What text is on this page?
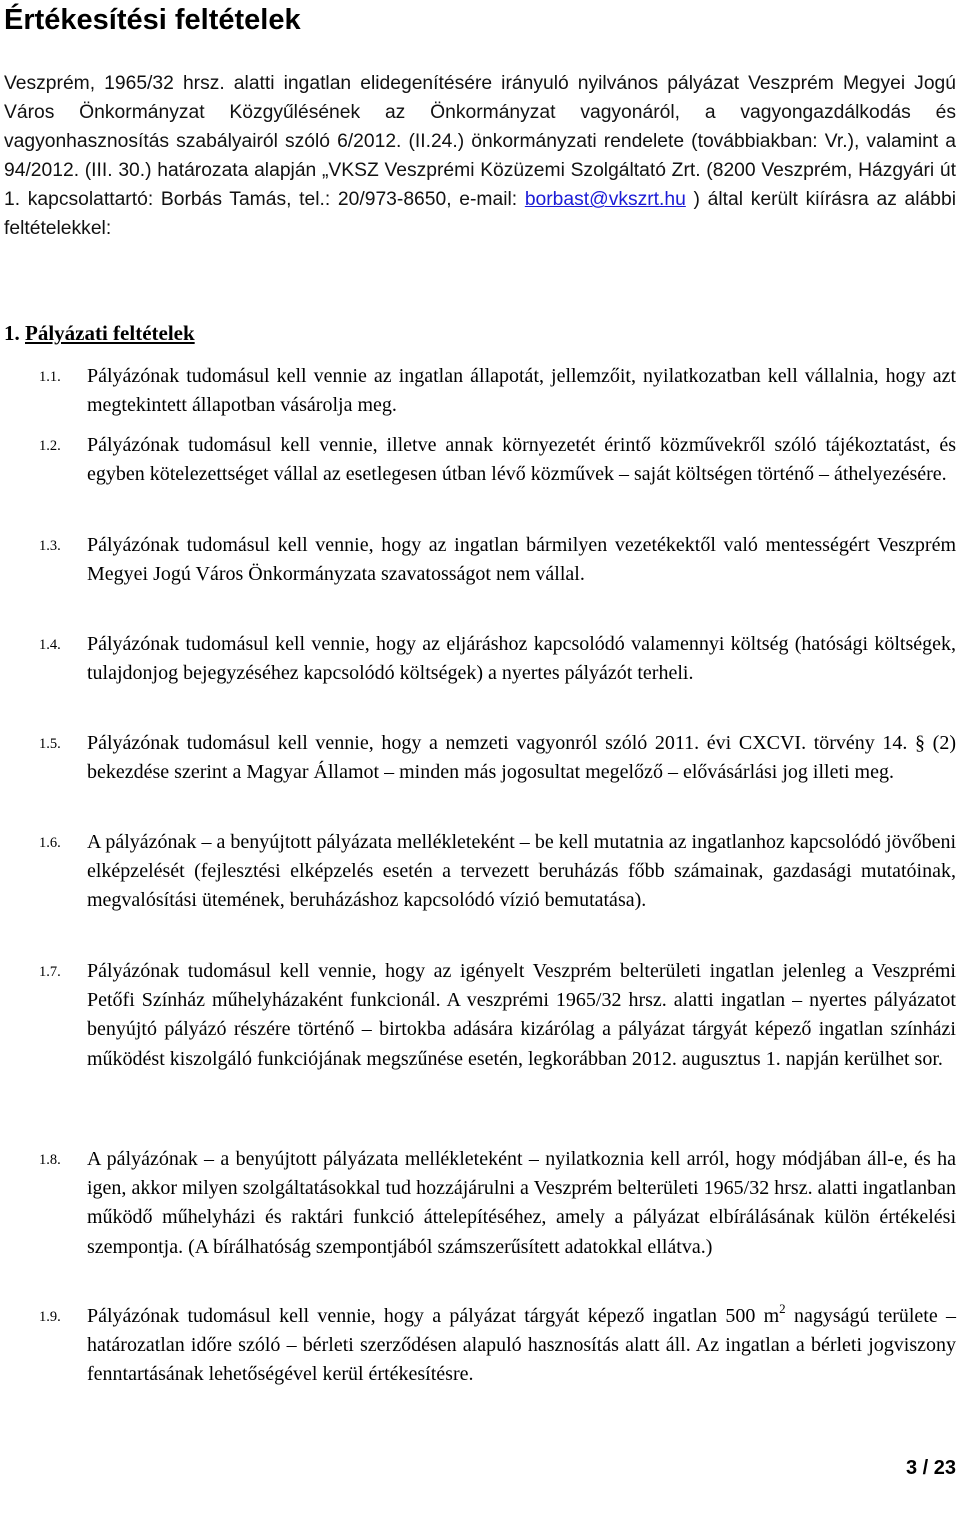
Értékesítési feltételek

Veszprém, 1965/32 hrsz. alatti ingatlan elidegenítésére irányuló nyilvános pályázat Veszprém Megyei Jogú Város Önkormányzat Közgyűlésének az Önkormányzat vagyonáról, a vagyongazdálkodás és vagyonhasznosítás szabályairól szóló 6/2012. (II.24.) önkormányzati rendelete (továbbiakban: Vr.), valamint a 94/2012. (III. 30.) határozata alapján „VKSZ Veszprémi Közüzemi Szolgáltató Zrt. (8200 Veszprém, Házgyári út 1. kapcsolattartó: Borbás Tamás, tel.: 20/973-8650, e-mail: borbast@vkszrt.hu ) által került kiírásra az alábbi feltételekkel:

1. Pályázati feltételek
1.1. Pályázónak tudomásul kell vennie az ingatlan állapotát, jellemzőit, nyilatkozatban kell vállalnia, hogy azt megtekintett állapotban vásárolja meg.
1.2. Pályázónak tudomásul kell vennie, illetve annak környezetét érintő közművekről szóló tájékoztatást, és egyben kötelezettséget vállal az esetlegesen útban lévő közművek – saját költségen történő – áthelyezésére.
1.3. Pályázónak tudomásul kell vennie, hogy az ingatlan bármilyen vezetékektől való mentességért Veszprém Megyei Jogú Város Önkormányzata szavatosságot nem vállal.
1.4. Pályázónak tudomásul kell vennie, hogy az eljáráshoz kapcsolódó valamennyi költség (hatósági költségek, tulajdonjog bejegyzéséhez kapcsolódó költségek) a nyertes pályázót terheli.
1.5. Pályázónak tudomásul kell vennie, hogy a nemzeti vagyonról szóló 2011. évi CXCVI. törvény 14. § (2) bekezdése szerint a Magyar Államot – minden más jogosultat megelőző – elővásárlási jog illeti meg.
1.6. A pályázónak – a benyújtott pályázata mellékleteként – be kell mutatnia az ingatlanhoz kapcsolódó jövőbeni elképzelését (fejlesztési elképzelés esetén a tervezett beruházás főbb számainak, gazdasági mutatóinak, megvalósítási ütemének, beruházáshoz kapcsolódó vízió bemutatása).
1.7. Pályázónak tudomásul kell vennie, hogy az igényelt Veszprém belterületi ingatlan jelenleg a Veszprémi Petőfi Színház műhelyházaként funkcionál. A veszprémi 1965/32 hrsz. alatti ingatlan – nyertes pályázatot benyújtó pályázó részére történő – birtokba adására kizárólag a pályázat tárgyát képező ingatlan színházi működést kiszolgáló funkciójának megszűnése esetén, legkorábban 2012. augusztus 1. napján kerülhet sor.
1.8. A pályázónak – a benyújtott pályázata mellékleteként – nyilatkoznia kell arról, hogy módjában áll-e, és ha igen, akkor milyen szolgáltatásokkal tud hozzájárulni a Veszprém belterületi 1965/32 hrsz. alatti ingatlanban működő műhelyházi és raktári funkció áttelepítéséhez, amely a pályázat elbírálásának külön értékelési szempontja. (A bírálhatóság szempontjából számszerűsített adatokkal ellátva.)
1.9. Pályázónak tudomásul kell vennie, hogy a pályázat tárgyát képező ingatlan 500 $m^2$ nagyságú területe – határozatlan időre szóló – bérleti szerződésen alapuló hasznosítás alatt áll. Az ingatlan a bérleti jogviszony fenntartásának lehetőségével kerül értékesítésre.
3 / 23
